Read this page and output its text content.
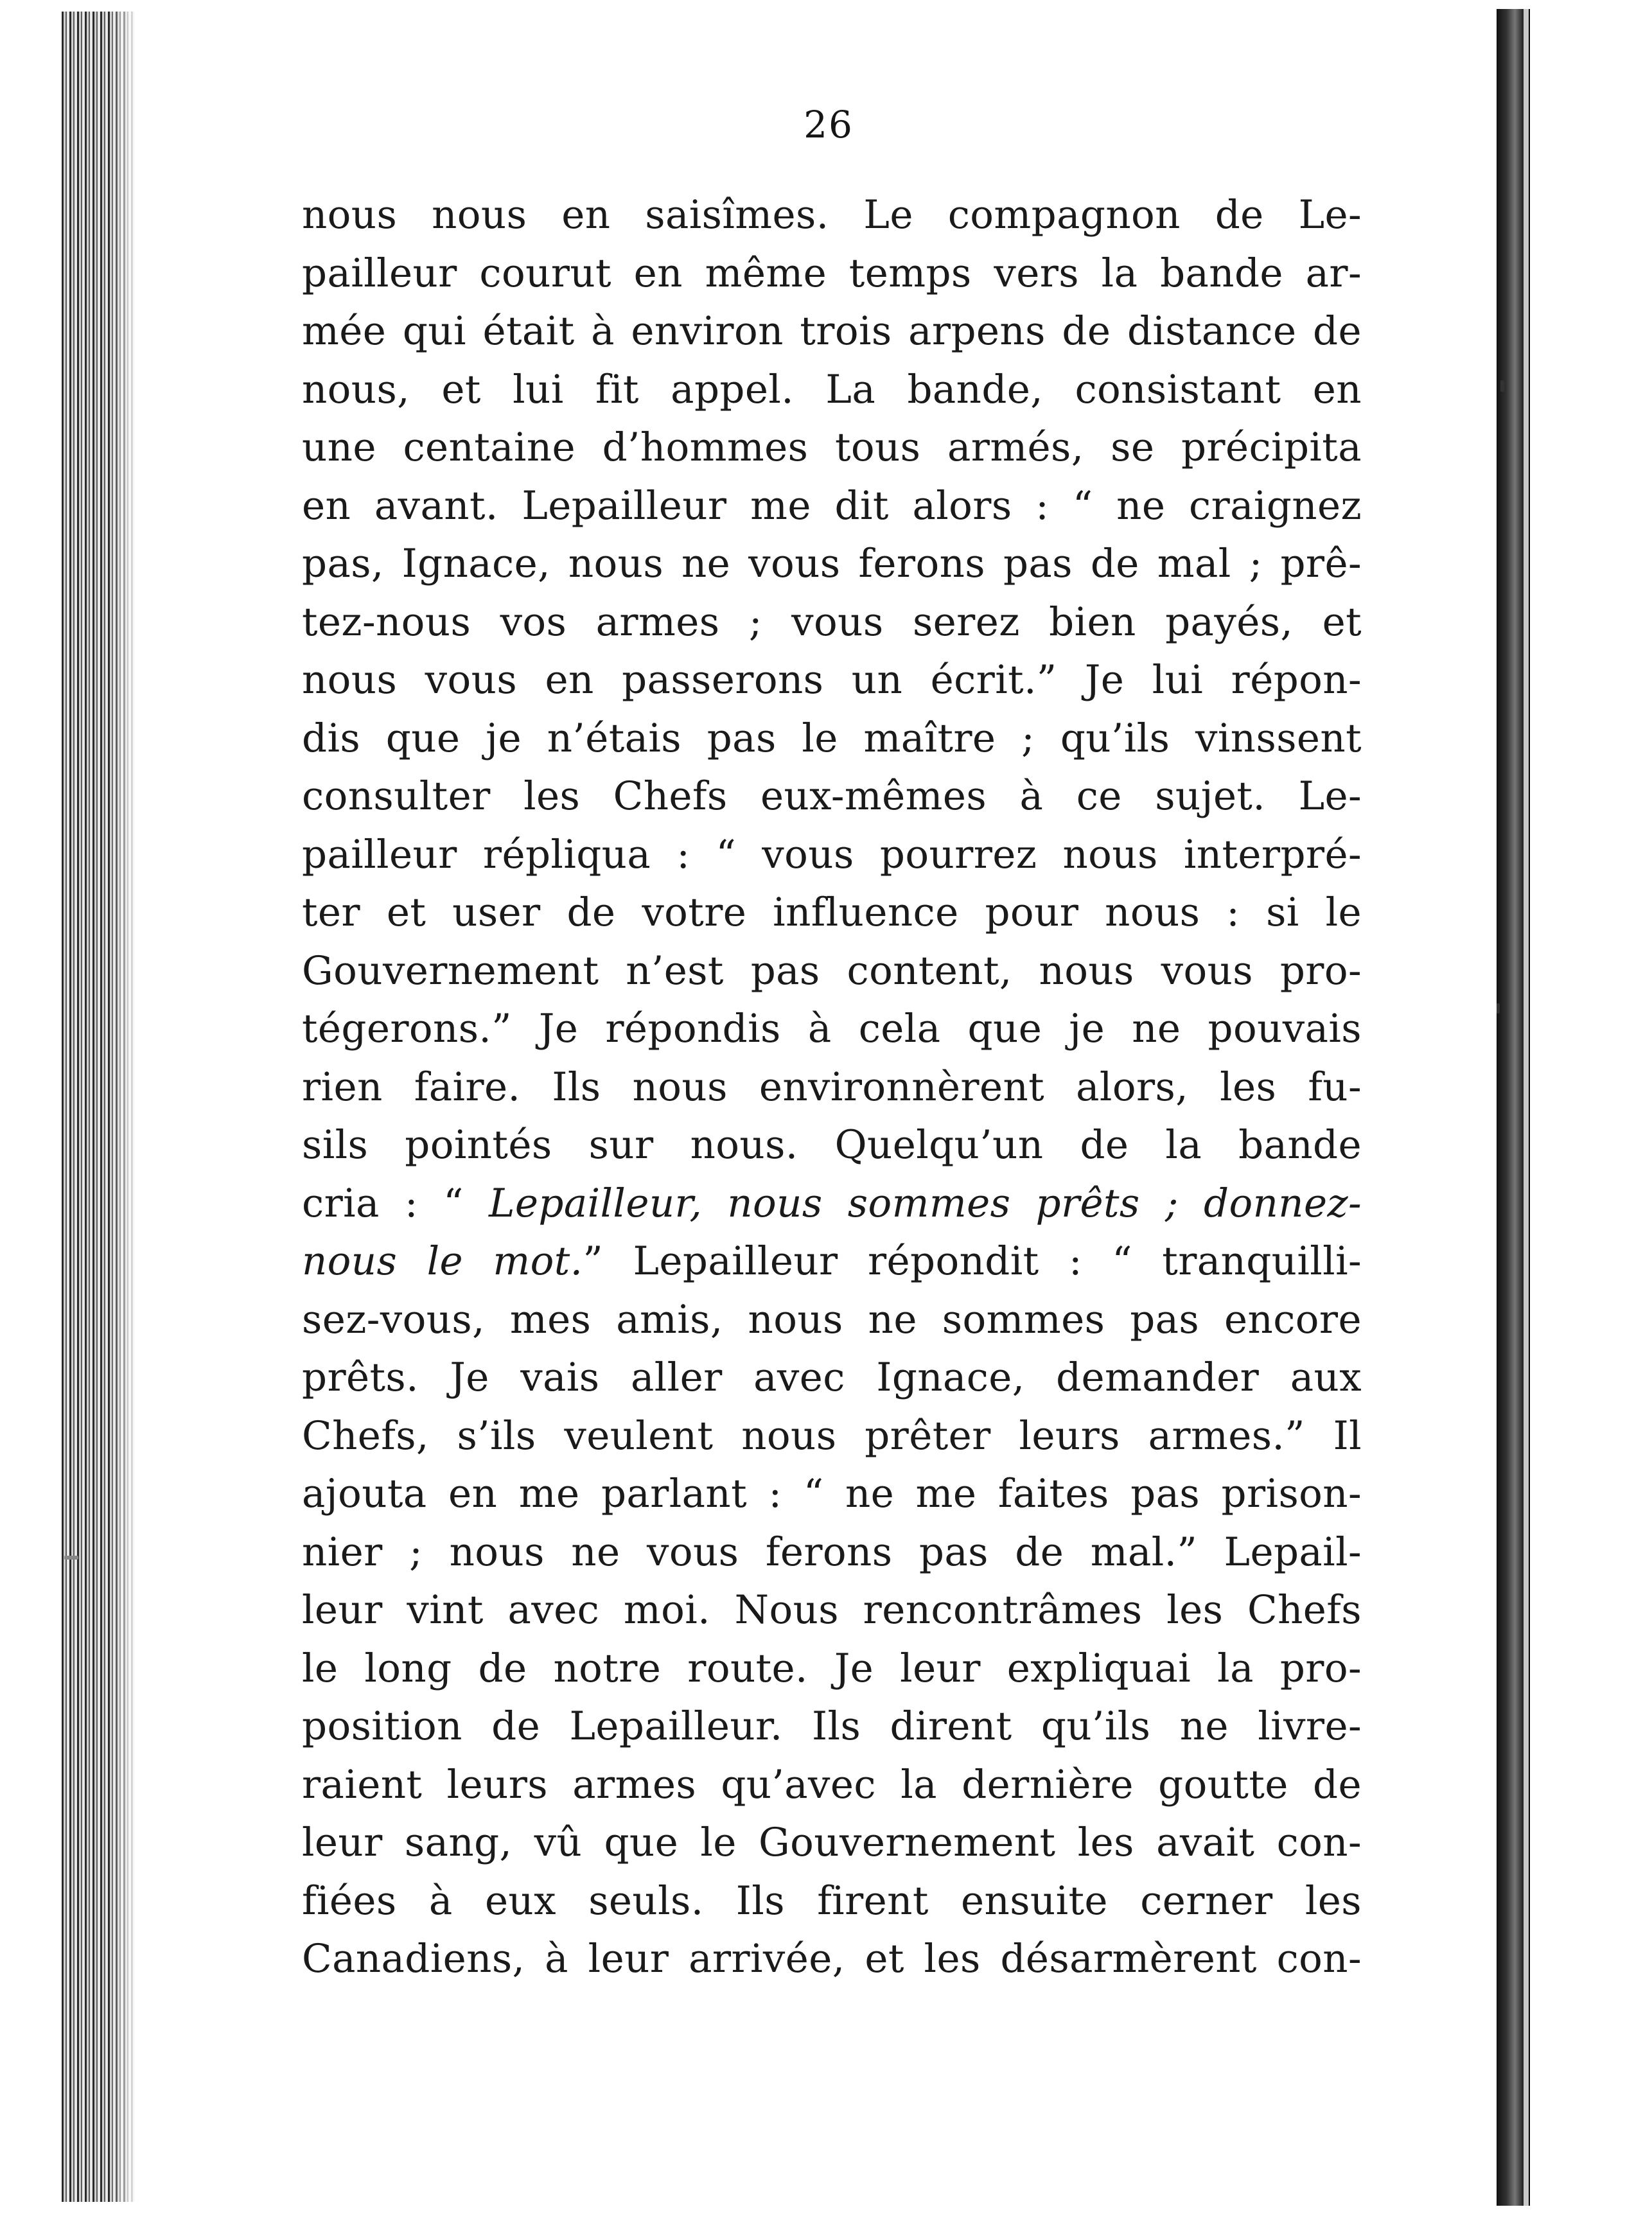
26
nous nous en saisîmes. Le compagnon de Le-
pailleur courut en même temps vers la bande ar-
mée qui était à environ trois arpens de distance de
nous, et lui fit appel. La bande, consistant en
une centaine d’hommes tous armés, se précipita
en avant. Lepailleur me dit alors : “ ne craignez
pas, Ignace, nous ne vous ferons pas de mal ; prê-
tez-nous vos armes ; vous serez bien payés, et
nous vous en passerons un écrit.” Je lui répon-
dis que je n’étais pas le maître ; qu’ils vinssent
consulter les Chefs eux-mêmes à ce sujet. Le-
pailleur répliqua : “ vous pourrez nous interpré-
ter et user de votre influence pour nous : si le
Gouvernement n’est pas content, nous vous pro-
tégerons.” Je répondis à cela que je ne pouvais
rien faire. Ils nous environnèrent alors, les fu-
sils pointés sur nous. Quelqu’un de la bande
cria : “ Lepailleur, nous sommes prêts ; donnez-
nous le mot.” Lepailleur répondit : “ tranquilli-
sez-vous, mes amis, nous ne sommes pas encore
prêts. Je vais aller avec Ignace, demander aux
Chefs, s’ils veulent nous prêter leurs armes.” Il
ajouta en me parlant : “ ne me faites pas prison-
nier ; nous ne vous ferons pas de mal.” Lepail-
leur vint avec moi. Nous rencontrâmes les Chefs
le long de notre route. Je leur expliquai la pro-
position de Lepailleur. Ils dirent qu’ils ne livre-
raient leurs armes qu’avec la dernière goutte de
leur sang, vû que le Gouvernement les avait con-
fiées à eux seuls. Ils firent ensuite cerner les
Canadiens, à leur arrivée, et les désarmèrent con-
